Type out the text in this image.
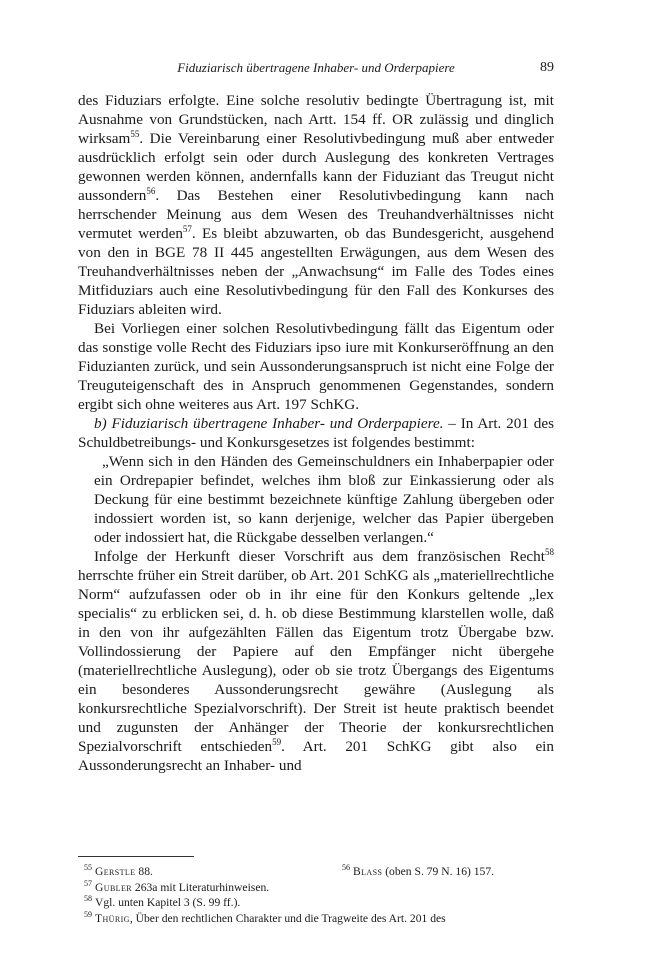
Fiduziarisch übertragene Inhaber- und Orderpapiere	89

des Fiduziars erfolgte. Eine solche resolutiv bedingte Übertragung ist, mit Ausnahme von Grundstücken, nach Artt. 154 ff. OR zulässig und dinglich wirksam$^{55}$. Die Vereinbarung einer Resolutivbedingung muß aber entweder ausdrücklich erfolgt sein oder durch Auslegung des konkreten Vertrages gewonnen werden können, andernfalls kann der Fiduziant das Treugut nicht aussondern$^{56}$. Das Bestehen einer Resolutivbedingung kann nach herrschender Meinung aus dem Wesen des Treuhandverhältnisses nicht vermutet werden$^{57}$. Es bleibt abzuwarten, ob das Bundesgericht, ausgehend von den in BGE 78 II 445 angestellten Erwägungen, aus dem Wesen des Treuhandverhältnisses neben der „Anwachsung“ im Falle des Todes eines Mitfiduziars auch eine Resolutivbedingung für den Fall des Konkurses des Fiduziars ableiten wird.

Bei Vorliegen einer solchen Resolutivbedingung fällt das Eigentum oder das sonstige volle Recht des Fiduziars ipso iure mit Konkurseröffnung an den Fiduzianten zurück, und sein Aussonderungsanspruch ist nicht eine Folge der Treuguteigenschaft des in Anspruch genommenen Gegenstandes, sondern ergibt sich ohne weiteres aus Art. 197 SchKG.

b) Fiduziarisch übertragene Inhaber- und Orderpapiere. – In Art. 201 des Schuldbetreibungs- und Konkursgesetzes ist folgendes bestimmt:

„Wenn sich in den Händen des Gemeinschuldners ein Inhaberpapier oder ein Ordrepapier befindet, welches ihm bloß zur Einkassierung oder als Deckung für eine bestimmt bezeichnete künftige Zahlung übergeben oder indossiert worden ist, so kann derjenige, welcher das Papier übergeben oder indossiert hat, die Rückgabe desselben verlangen.“

Infolge der Herkunft dieser Vorschrift aus dem französischen Recht$^{58}$ herrschte früher ein Streit darüber, ob Art. 201 SchKG als „materiellrechtliche Norm“ aufzufassen oder ob in ihr eine für den Konkurs geltende „lex specialis“ zu erblicken sei, d. h. ob diese Bestimmung klarstellen wolle, daß in den von ihr aufgezählten Fällen das Eigentum trotz Übergabe bzw. Vollindossierung der Papiere auf den Empfänger nicht übergehe (materiellrechtliche Auslegung), oder ob sie trotz Übergangs des Eigentums ein besonderes Aussonderungsrecht gewähre (Auslegung als konkursrechtliche Spezialvorschrift). Der Streit ist heute praktisch beendet und zugunsten der Anhänger der Theorie der konkursrechtlichen Spezialvorschrift entschieden$^{59}$. Art. 201 SchKG gibt also ein Aussonderungsrecht an Inhaber- und

$^{55}$ Gerstle 88.	$^{56}$ Blass (oben S. 79 N. 16) 157.
$^{57}$ Gubler 263a mit Literaturhinweisen.
$^{58}$ Vgl. unten Kapitel 3 (S. 99 ff.).
$^{59}$ Thürig, Über den rechtlichen Charakter und die Tragweite des Art. 201 des
